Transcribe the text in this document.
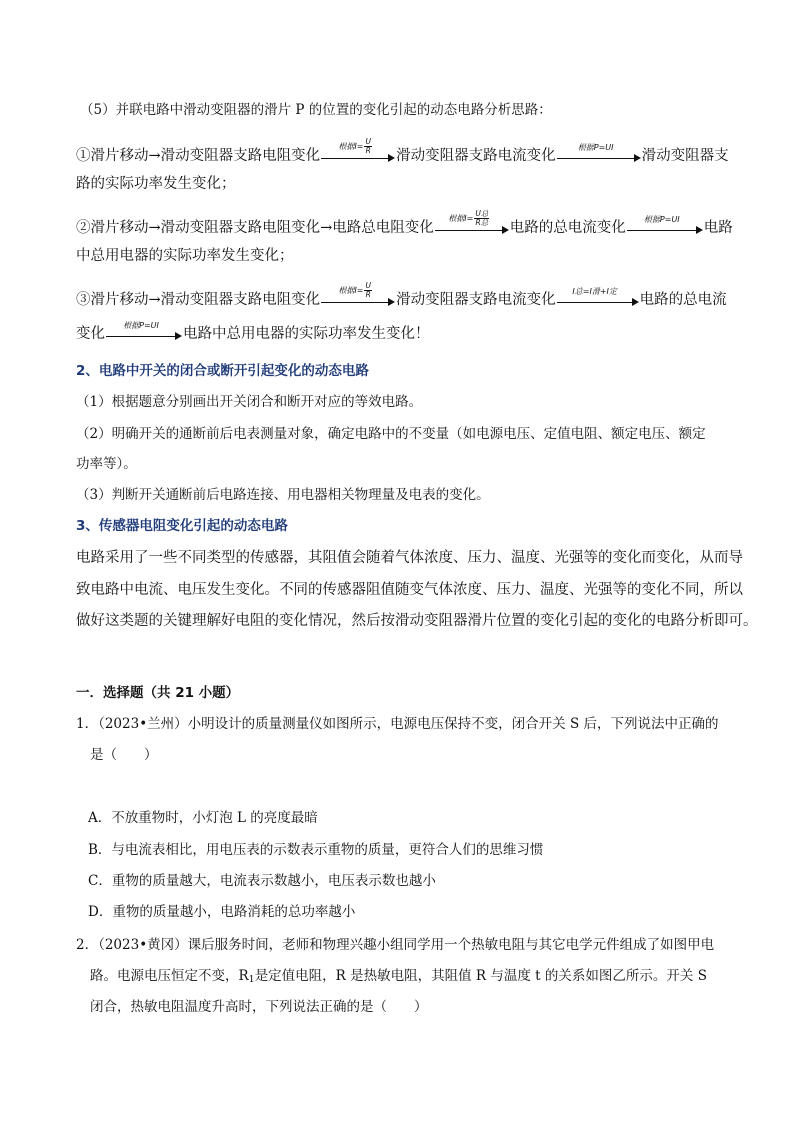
（5）并联电路中滑动变阻器的滑片 P 的位置的变化引起的动态电路分析思路：
①滑片移动→滑动变阻器支路电阻变化
根据$I= \frac{U}{R}$
滑动变阻器支路电流变化
根据P=UI
滑动变阻器支
路的实际功率发生变化；
②滑片移动→滑动变阻器支路电阻变化→电路总电阻变化
根据$I= \frac{\text{U总}}{\text{R总}}$
电路的总电流变化
根据P=UI
电路
中总用电器的实际功率发生变化；
③滑片移动→滑动变阻器支路电阻变化
根据$I= \frac{U}{R}$
滑动变阻器支路电流变化
I总=I滑+I定
电路的总电流
变化
根据P=UI
电路中总用电器的实际功率发生变化！
2、电路中开关的闭合或断开引起变化的动态电路
（1）根据题意分别画出开关闭合和断开对应的等效电路。
（2）明确开关的通断前后电表测量对象，确定电路中的不变量（如电源电压、定值电阻、额定电压、额定
功率等）。
（3）判断开关通断前后电路连接、用电器相关物理量及电表的变化。
3、传感器电阻变化引起的动态电路
电路采用了一些不同类型的传感器，其阻值会随着气体浓度、压力、温度、光强等的变化而变化，从而导
致电路中电流、电压发生变化。不同的传感器阻值随变气体浓度、压力、温度、光强等的变化不同，所以
做好这类题的关键理解好电阻的变化情况，然后按滑动变阻器滑片位置的变化引起的变化的电路分析即可。
一．选择题（共 21 小题）
1．（2023•兰州）小明设计的质量测量仪如图所示，电源电压保持不变，闭合开关 S 后，下列说法中正确的
是（　　）
A．不放重物时，小灯泡 L 的亮度最暗
B．与电流表相比，用电压表的示数表示重物的质量，更符合人们的思维习惯
C．重物的质量越大，电流表示数越小，电压表示数也越小
D．重物的质量越小，电路消耗的总功率越小
2．（2023•黄冈）课后服务时间，老师和物理兴趣小组同学用一个热敏电阻与其它电学元件组成了如图甲电
路。电源电压恒定不变，$R_1$是定值电阻，R 是热敏电阻，其阻值 R 与温度 t 的关系如图乙所示。开关 S
闭合，热敏电阻温度升高时，下列说法正确的是（　　）
